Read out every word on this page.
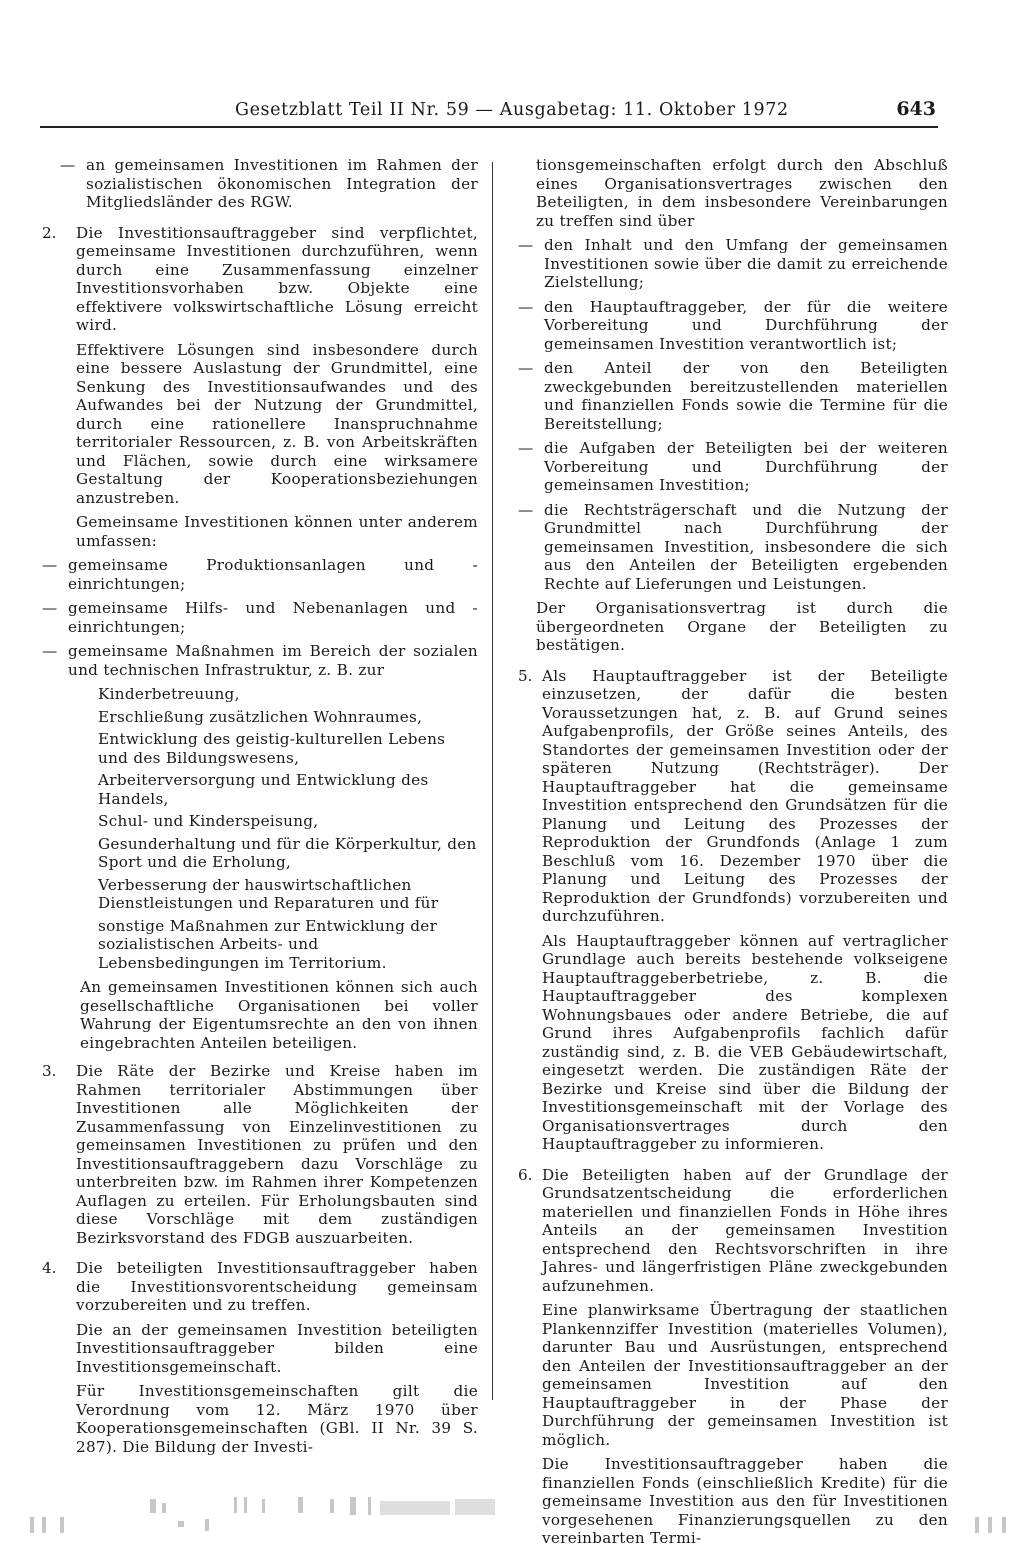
Gesetzblatt Teil II Nr. 59 — Ausgabetag: 11. Oktober 1972	643
— an gemeinsamen Investitionen im Rahmen der sozialistischen ökonomischen Integration der Mitgliedsländer des RGW.

2.	Die Investitionsauftraggeber sind verpflichtet, gemeinsame Investitionen durchzuführen, wenn durch eine Zusammenfassung einzelner Investitionsvorhaben bzw. Objekte eine effektivere volkswirtschaftliche Lösung erreicht wird.

Effektivere Lösungen sind insbesondere durch eine bessere Auslastung der Grundmittel, eine Senkung des Investitionsaufwandes und des Aufwandes bei der Nutzung der Grundmittel, durch eine rationellere Inanspruchnahme territorialer Ressourcen, z. B. von Arbeitskräften und Flächen, sowie durch eine wirksamere Gestaltung der Kooperationsbeziehungen anzustreben.

Gemeinsame Investitionen können unter anderem umfassen:

— gemeinsame Produktionsanlagen und -einrichtungen;

— gemeinsame Hilfs- und Nebenanlagen und -einrichtungen;

— gemeinsame Maßnahmen im Bereich der sozialen und technischen Infrastruktur, z. B. zur

Kinderbetreuung,

Erschließung zusätzlichen Wohnraumes,

Entwicklung des geistig-kulturellen Lebens und des Bildungswesens,

Arbeiterversorgung und Entwicklung des Handels,

Schul- und Kinderspeisung,

Gesunderhaltung und für die Körperkultur, den Sport und die Erholung,

Verbesserung der hauswirtschaftlichen Dienstleistungen und Reparaturen und für

sonstige Maßnahmen zur Entwicklung der sozialistischen Arbeits- und Lebensbedingungen im Territorium.

An gemeinsamen Investitionen können sich auch gesellschaftliche Organisationen bei voller Wahrung der Eigentumsrechte an den von ihnen eingebrachten Anteilen beteiligen.

3.	Die Räte der Bezirke und Kreise haben im Rahmen territorialer Abstimmungen über Investitionen alle Möglichkeiten der Zusammenfassung von Einzelinvestitionen zu gemeinsamen Investitionen zu prüfen und den Investitionsauftraggebern dazu Vorschläge zu unterbreiten bzw. im Rahmen ihrer Kompetenzen Auflagen zu erteilen. Für Erholungsbauten sind diese Vorschläge mit dem zuständigen Bezirksvorstand des FDGB auszuarbeiten.

4.	Die beteiligten Investitionsauftraggeber haben die Investitionsvorentscheidung gemeinsam vorzubereiten und zu treffen.

Die an der gemeinsamen Investition beteiligten Investitionsauftraggeber bilden eine Investitionsgemeinschaft.

Für Investitionsgemeinschaften gilt die Verordnung vom 12. März 1970 über Kooperationsgemeinschaften (GBl. II Nr. 39 S. 287). Die Bildung der Investi-

tionsgemeinschaften erfolgt durch den Abschluß eines Organisationsvertrages zwischen den Beteiligten, in dem insbesondere Vereinbarungen zu treffen sind über

— den Inhalt und den Umfang der gemeinsamen Investitionen sowie über die damit zu erreichende Zielstellung;

— den Hauptauftraggeber, der für die weitere Vorbereitung und Durchführung der gemeinsamen Investition verantwortlich ist;

— den Anteil der von den Beteiligten zweckgebunden bereitzustellenden materiellen und finanziellen Fonds sowie die Termine für die Bereitstellung;

— die Aufgaben der Beteiligten bei der weiteren Vorbereitung und Durchführung der gemeinsamen Investition;

— die Rechtsträgerschaft und die Nutzung der Grundmittel nach Durchführung der gemeinsamen Investition, insbesondere die sich aus den Anteilen der Beteiligten ergebenden Rechte auf Lieferungen und Leistungen.

Der Organisationsvertrag ist durch die übergeordneten Organe der Beteiligten zu bestätigen.

5. Als Hauptauftraggeber ist der Beteiligte einzusetzen, der dafür die besten Voraussetzungen hat, z. B. auf Grund seines Aufgabenprofils, der Größe seines Anteils, des Standortes der gemeinsamen Investition oder der späteren Nutzung (Rechtsträger). Der Hauptauftraggeber hat die gemeinsame Investition entsprechend den Grundsätzen für die Planung und Leitung des Prozesses der Reproduktion der Grundfonds (Anlage 1 zum Beschluß vom 16. Dezember 1970 über die Planung und Leitung des Prozesses der Reproduktion der Grundfonds) vorzubereiten und durchzuführen.

Als Hauptauftraggeber können auf vertraglicher Grundlage auch bereits bestehende volkseigene Hauptauftraggeberbetriebe, z. B. die Hauptauftraggeber des komplexen Wohnungsbaues oder andere Betriebe, die auf Grund ihres Aufgabenprofils fachlich dafür zuständig sind, z. B. die VEB Gebäudewirtschaft, eingesetzt werden. Die zuständigen Räte der Bezirke und Kreise sind über die Bildung der Investitionsgemeinschaft mit der Vorlage des Organisationsvertrages durch den Hauptauftraggeber zu informieren.

6. Die Beteiligten haben auf der Grundlage der Grundsatzentscheidung die erforderlichen materiellen und finanziellen Fonds in Höhe ihres Anteils an der gemeinsamen Investition entsprechend den Rechtsvorschriften in ihre Jahres- und längerfristigen Pläne zweckgebunden aufzunehmen.

Eine planwirksame Übertragung der staatlichen Plankennziffer Investition (materielles Volumen), darunter Bau und Ausrüstungen, entsprechend den Anteilen der Investitionsauftraggeber an der gemeinsamen Investition auf den Hauptauftraggeber in der Phase der Durchführung der gemeinsamen Investition ist möglich.

Die Investitionsauftraggeber haben die finanziellen Fonds (einschließlich Kredite) für die gemeinsame Investition aus den für Investitionen vorgesehenen Finanzierungsquellen zu den vereinbarten Termi-
